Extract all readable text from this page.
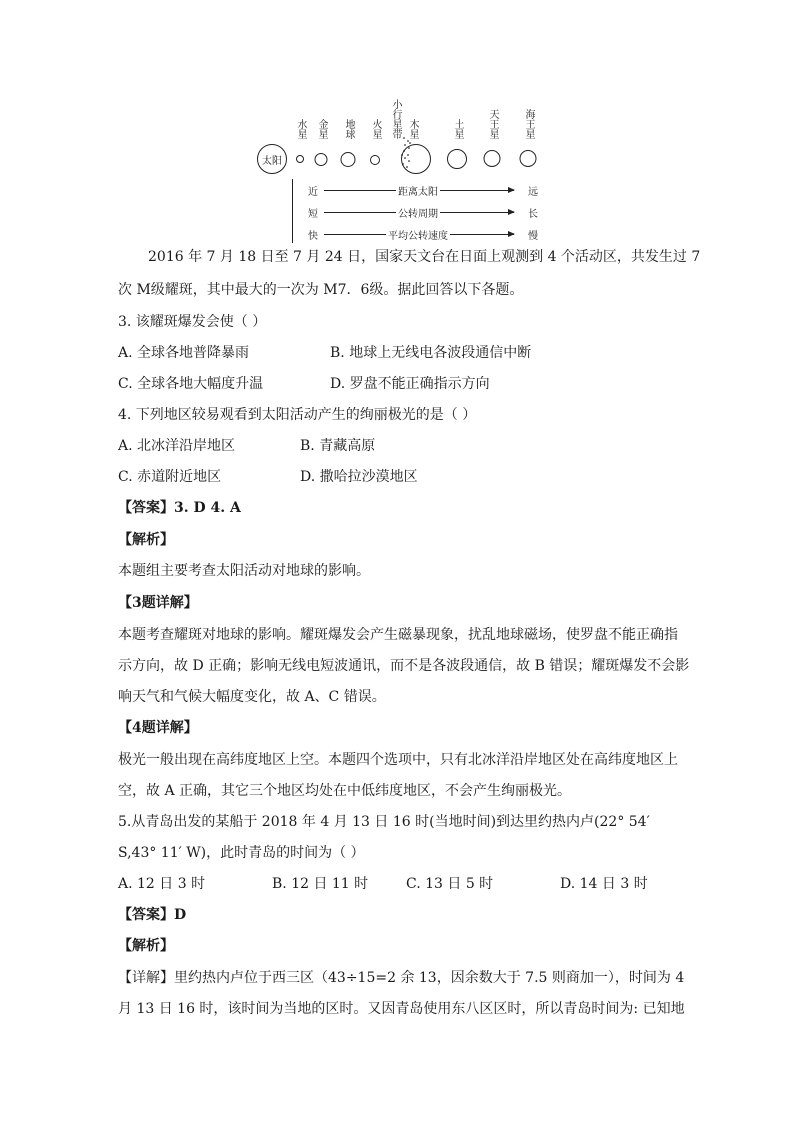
太阳
水星 金星 地球 火星 小行星带 木星	土星 天王星	海王星
近	距离太阳	远
短	公转周期	长
快	平均公转速度	慢
2016 年 7 月 18 日至 7 月 24 日，国家天文台在日面上观测到 4 个活动区，共发生过 7
次 M级耀斑，其中最大的一次为 M7．6级。据此回答以下各题。
3. 该耀斑爆发会使（ ）
A. 全球各地普降暴雨	B. 地球上无线电各波段通信中断
C. 全球各地大幅度升温	D. 罗盘不能正确指示方向
4. 下列地区较易观看到太阳活动产生的绚丽极光的是（ ）
A. 北冰洋沿岸地区	B. 青藏高原
C. 赤道附近地区	D. 撒哈拉沙漠地区
【答案】3. D 4. A
【解析】
本题组主要考查太阳活动对地球的影响。
【3题详解】
本题考查耀斑对地球的影响。耀斑爆发会产生磁暴现象，扰乱地球磁场，使罗盘不能正确指
示方向，故 D 正确；影响无线电短波通讯，而不是各波段通信，故 B 错误；耀斑爆发不会影
响天气和气候大幅度变化，故 A、C 错误。
【4题详解】
极光一般出现在高纬度地区上空。本题四个选项中，只有北冰洋沿岸地区处在高纬度地区上
空，故 A 正确，其它三个地区均处在中低纬度地区，不会产生绚丽极光。
5.从青岛出发的某船于 2018 年 4 月 13 日 16 时(当地时间)到达里约热内卢(22° 54′
S,43° 11′ W)，此时青岛的时间为（ ）
A. 12 日 3 时	B. 12 日 11 时	C. 13 日 5 时	D. 14 日 3 时
【答案】D
【解析】
【详解】里约热内卢位于西三区（43÷15=2 余 13，因余数大于 7.5 则商加一），时间为 4
月 13 日 16 时，该时间为当地的区时。又因青岛使用东八区区时，所以青岛时间为: 已知地
